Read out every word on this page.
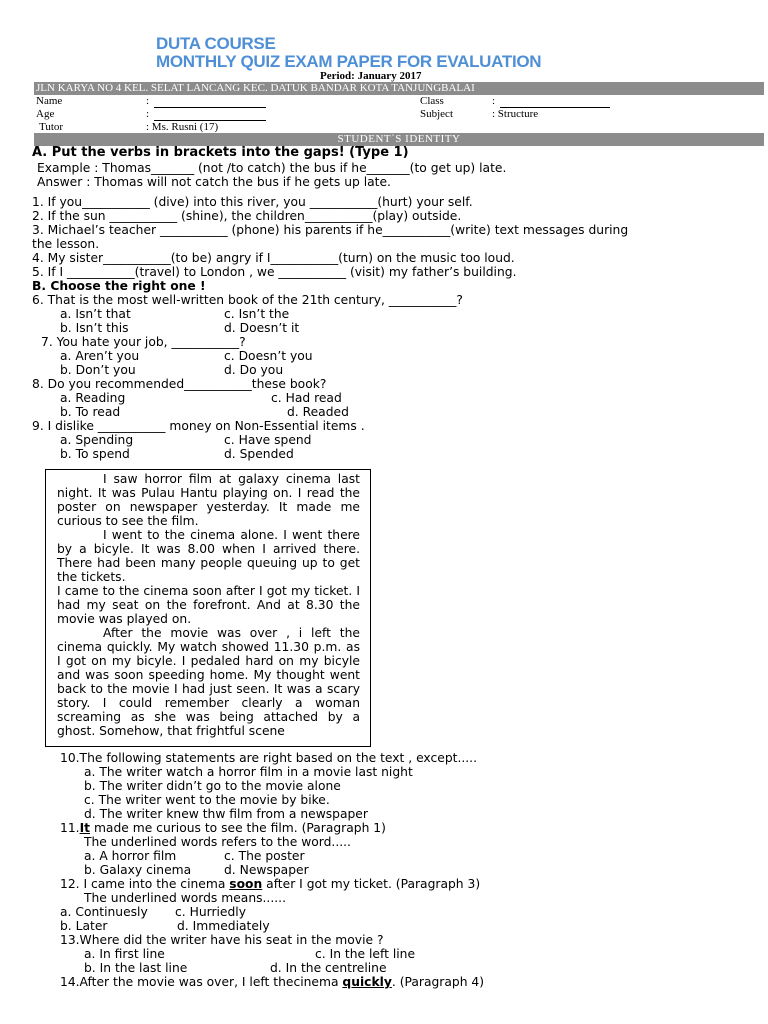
DUTA COURSE
MONTHLY QUIZ EXAM PAPER FOR EVALUATION
Period: January 2017
JLN KARYA NO 4 KEL. SELAT LANCANG KEC. DATUK BANDAR KOTA TANJUNGBALAI
Name	:	Class	:
Age	:	Subject	: Structure
Tutor	: Ms. Rusni (17)
STUDENT`S IDENTITY
A. Put the verbs in brackets into the gaps! (Type 1)
Example : Thomas_______ (not /to catch) the bus if he_______(to get up) late.
Answer : Thomas will not catch the bus if he gets up late.
1. If you___________ (dive) into this river, you ___________(hurt) your self.
2. If the sun ___________ (shine), the children___________(play) outside.
3. Michael’s teacher ___________ (phone) his parents if he___________(write) text messages during
the lesson.
4. My sister___________(to be) angry if I___________(turn) on the music too loud.
5. If I ___________(travel) to London , we ___________ (visit) my father’s building.
B. Choose the right one !
6. That is the most well-written book of the 21th century, ___________?
a. Isn’t that	c. Isn’t the
b. Isn’t this	d. Doesn’t it
7. You hate your job, ___________?
a. Aren’t you	c. Doesn’t you
b. Don’t you	d. Do you
8. Do you recommended___________these book?
a. Reading	c. Had read
b. To read	d. Readed
9. I dislike ___________ money on Non-Essential items .
a. Spending	c. Have spend
b. To spend	d. Spended

I saw horror film at galaxy cinema last night. It was Pulau Hantu playing on. I read the poster on newspaper yesterday. It made me curious to see the film.

I went to the cinema alone. I went there by a bicyle. It was 8.00 when I arrived there. There had been many people queuing up to get the tickets.

I came to the cinema soon after I got my ticket. I had my seat on the forefront. And at 8.30 the movie was played on.

After the movie was over , i left the cinema quickly. My watch showed 11.30 p.m. as I got on my bicyle. I pedaled hard on my bicyle and was soon speeding home. My thought went back to the movie I had just seen. It was a scary story. I could remember clearly a woman screaming as she was being attached by a ghost. Somehow, that frightful scene

10.The following statements are right based on the text , except.....
a. The writer watch a horror film in a movie last night
b. The writer didn’t go to the movie alone
c. The writer went to the movie by bike.
d. The writer knew thw film from a newspaper
11.It made me curious to see the film. (Paragraph 1)
The underlined words refers to the word.....
a. A horror film	c. The poster
b. Galaxy cinema	d. Newspaper
12. I came into the cinema soon after I got my ticket. (Paragraph 3)
The underlined words means......
a. Continuesly c. Hurriedly
b. Later	d. Immediately
13.Where did the writer have his seat in the movie ?
a. In first line	c. In the left line
b. In the last line	d. In the centreline
14.After the movie was over, I left thecinema quickly. (Paragraph 4)
